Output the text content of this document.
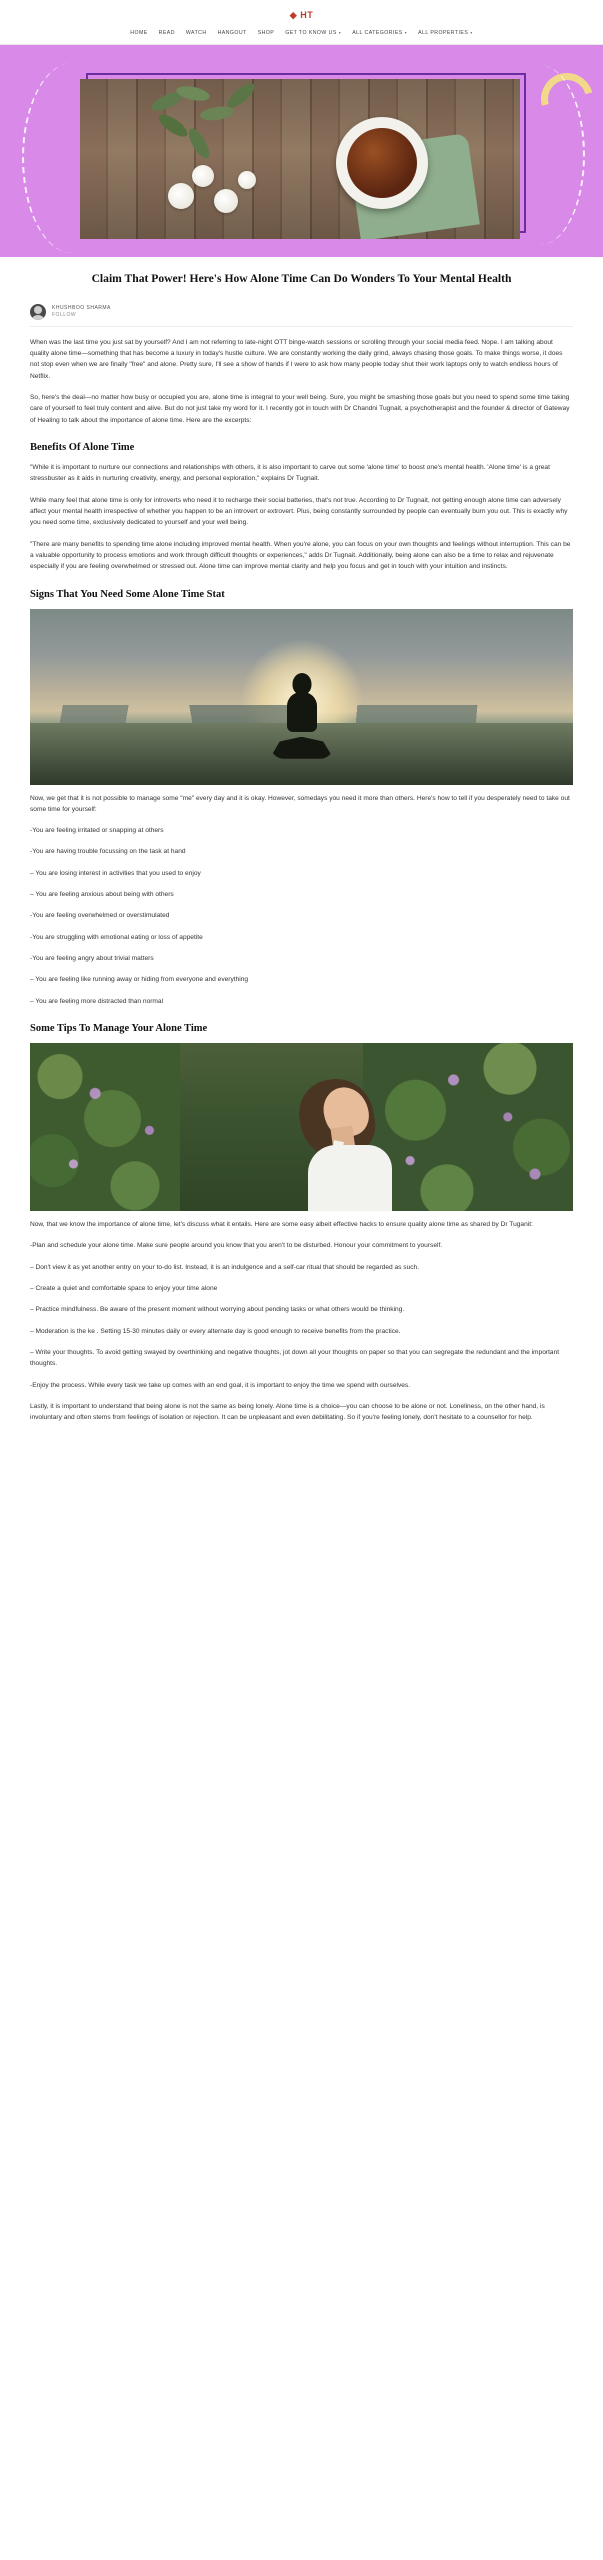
◆ HT
HOME READ WATCH HANGOUT SHOP GET TO KNOW US ▾ ALL CATEGORIES ▾ ALL PROPERTIES ▾
Claim That Power! Here's How Alone Time Can Do Wonders To Your Mental Health
KHUSHBOO SHARMA
FOLLOW

When was the last time you just sat by yourself? And I am not referring to late-night OTT binge-watch sessions or scrolling through your social media feed. Nope. I am talking about quality alone time—something that has become a luxury in today's hustle culture. We are constantly working the daily grind, always chasing those goals. To make things worse, it does not stop even when we are finally "free" and alone. Pretty sure, I'll see a show of hands if I were to ask how many people today shut their work laptops only to watch endless hours of Netflix.

So, here's the deal—no matter how busy or occupied you are, alone time is integral to your well being. Sure, you might be smashing those goals but you need to spend some time taking care of yourself to feel truly content and alive. But do not just take my word for it. I recently got in touch with Dr Chandni Tugnait, a psychotherapist and the founder & director of Gateway of Healing to talk about the importance of alone time. Here are the excerpts:

Benefits Of Alone Time

"While it is important to nurture our connections and relationships with others, it is also important to carve out some 'alone time' to boost one's mental health. 'Alone time' is a great stressbuster as it aids in nurturing creativity, energy, and personal exploration," explains Dr Tugnait.

While many feel that alone time is only for introverts who need it to recharge their social batteries, that's not true. According to Dr Tugnait, not getting enough alone time can adversely affect your mental health irrespective of whether you happen to be an introvert or extrovert. Plus, being constantly surrounded by people can eventually burn you out. This is exactly why you need some time, exclusively dedicated to yourself and your well being.

"There are many benefits to spending time alone including improved mental health. When you're alone, you can focus on your own thoughts and feelings without interruption. This can be a valuable opportunity to process emotions and work through difficult thoughts or experiences," adds Dr Tugnait. Additionally, being alone can also be a time to relax and rejuvenate especially if you are feeling overwhelmed or stressed out. Alone time can improve mental clarity and help you focus and get in touch with your intuition and instincts.

Signs That You Need Some Alone Time Stat

Now, we get that it is not possible to manage some "me" every day and it is okay. However, somedays you need it more than others. Here's how to tell if you desperately need to take out some time for yourself:

-You are feeling irritated or snapping at others

-You are having trouble focussing on the task at hand

– You are losing interest in activities that you used to enjoy

– You are feeling anxious about being with others

-You are feeling overwhelmed or overstimulated

-You are struggling with emotional eating or loss of appetite

-You are feeling angry about trivial matters

– You are feeling like running away or hiding from everyone and everything

– You are feeling more distracted than normal

Some Tips To Manage Your Alone Time

Now, that we know the importance of alone time, let's discuss what it entails. Here are some easy albeit effective hacks to ensure quality alone time as shared by Dr Tuganit:

-Plan and schedule your alone time. Make sure people around you know that you aren't to be disturbed. Honour your commitment to yourself.

– Don't view it as yet another entry on your to-do list. Instead, it is an indulgence and a self-car ritual that should be regarded as such.

– Create a quiet and comfortable space to enjoy your time alone

– Practice mindfulness. Be aware of the present moment without worrying about pending tasks or what others would be thinking.

– Moderation is the ke . Setting 15-30 minutes daily or every alternate day is good enough to receive benefits from the practice.

– Write your thoughts. To avoid getting swayed by overthinking and negative thoughts, jot down all your thoughts on paper so that you can segregate the redundant and the important thoughts.

-Enjoy the process. While every task we take up comes with an end goal, it is important to enjoy the time we spend with ourselves.

Lastly, it is important to understand that being alone is not the same as being lonely. Alone time is a choice—you can choose to be alone or not. Loneliness, on the other hand, is involuntary and often stems from feelings of isolation or rejection. It can be unpleasant and even debilitating. So if you're feeling lonely, don't hesitate to a counsellor for help.
